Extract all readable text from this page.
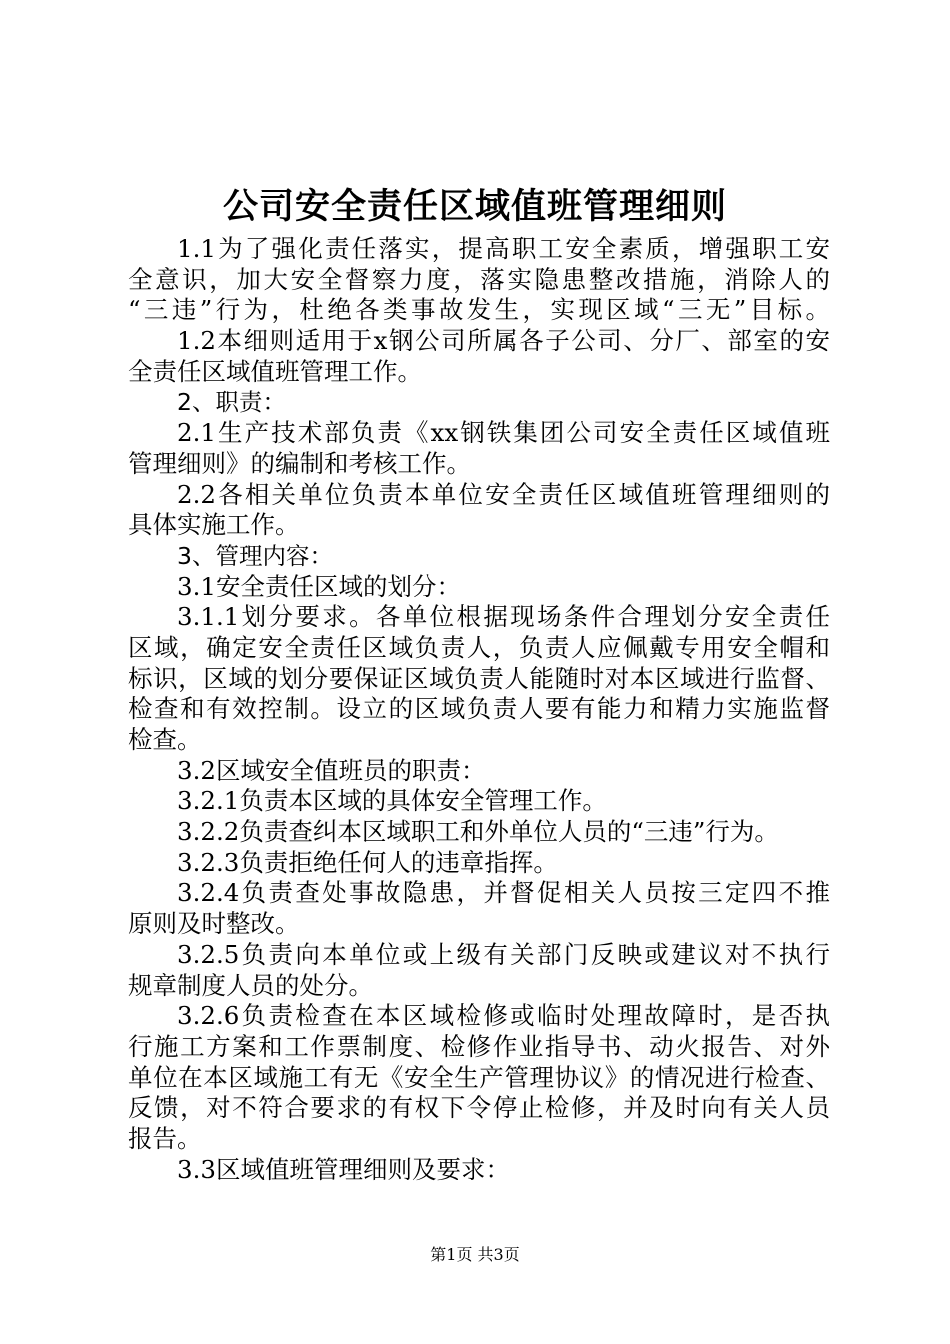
公司安全责任区域值班管理细则
1.1为了强化责任落实，提高职工安全素质，增强职工安
全意识，加大安全督察力度，落实隐患整改措施，消除人的
“三违”行为，杜绝各类事故发生，实现区域“三无”目标。
1.2本细则适用于x钢公司所属各子公司、分厂、部室的安
全责任区域值班管理工作。
2、职责：
2.1生产技术部负责《xx钢铁集团公司安全责任区域值班
管理细则》的编制和考核工作。
2.2各相关单位负责本单位安全责任区域值班管理细则的
具体实施工作。
3、管理内容：
3.1安全责任区域的划分：
3.1.1划分要求。各单位根据现场条件合理划分安全责任
区域，确定安全责任区域负责人，负责人应佩戴专用安全帽和
标识，区域的划分要保证区域负责人能随时对本区域进行监督、
检查和有效控制。设立的区域负责人要有能力和精力实施监督
检查。
3.2区域安全值班员的职责：
3.2.1负责本区域的具体安全管理工作。
3.2.2负责查纠本区域职工和外单位人员的“三违”行为。
3.2.3负责拒绝任何人的违章指挥。
3.2.4负责查处事故隐患，并督促相关人员按三定四不推
原则及时整改。
3.2.5负责向本单位或上级有关部门反映或建议对不执行
规章制度人员的处分。
3.2.6负责检查在本区域检修或临时处理故障时，是否执
行施工方案和工作票制度、检修作业指导书、动火报告、对外
单位在本区域施工有无《安全生产管理协议》的情况进行检查、
反馈，对不符合要求的有权下令停止检修，并及时向有关人员
报告。
3.3区域值班管理细则及要求：
第1页 共3页
